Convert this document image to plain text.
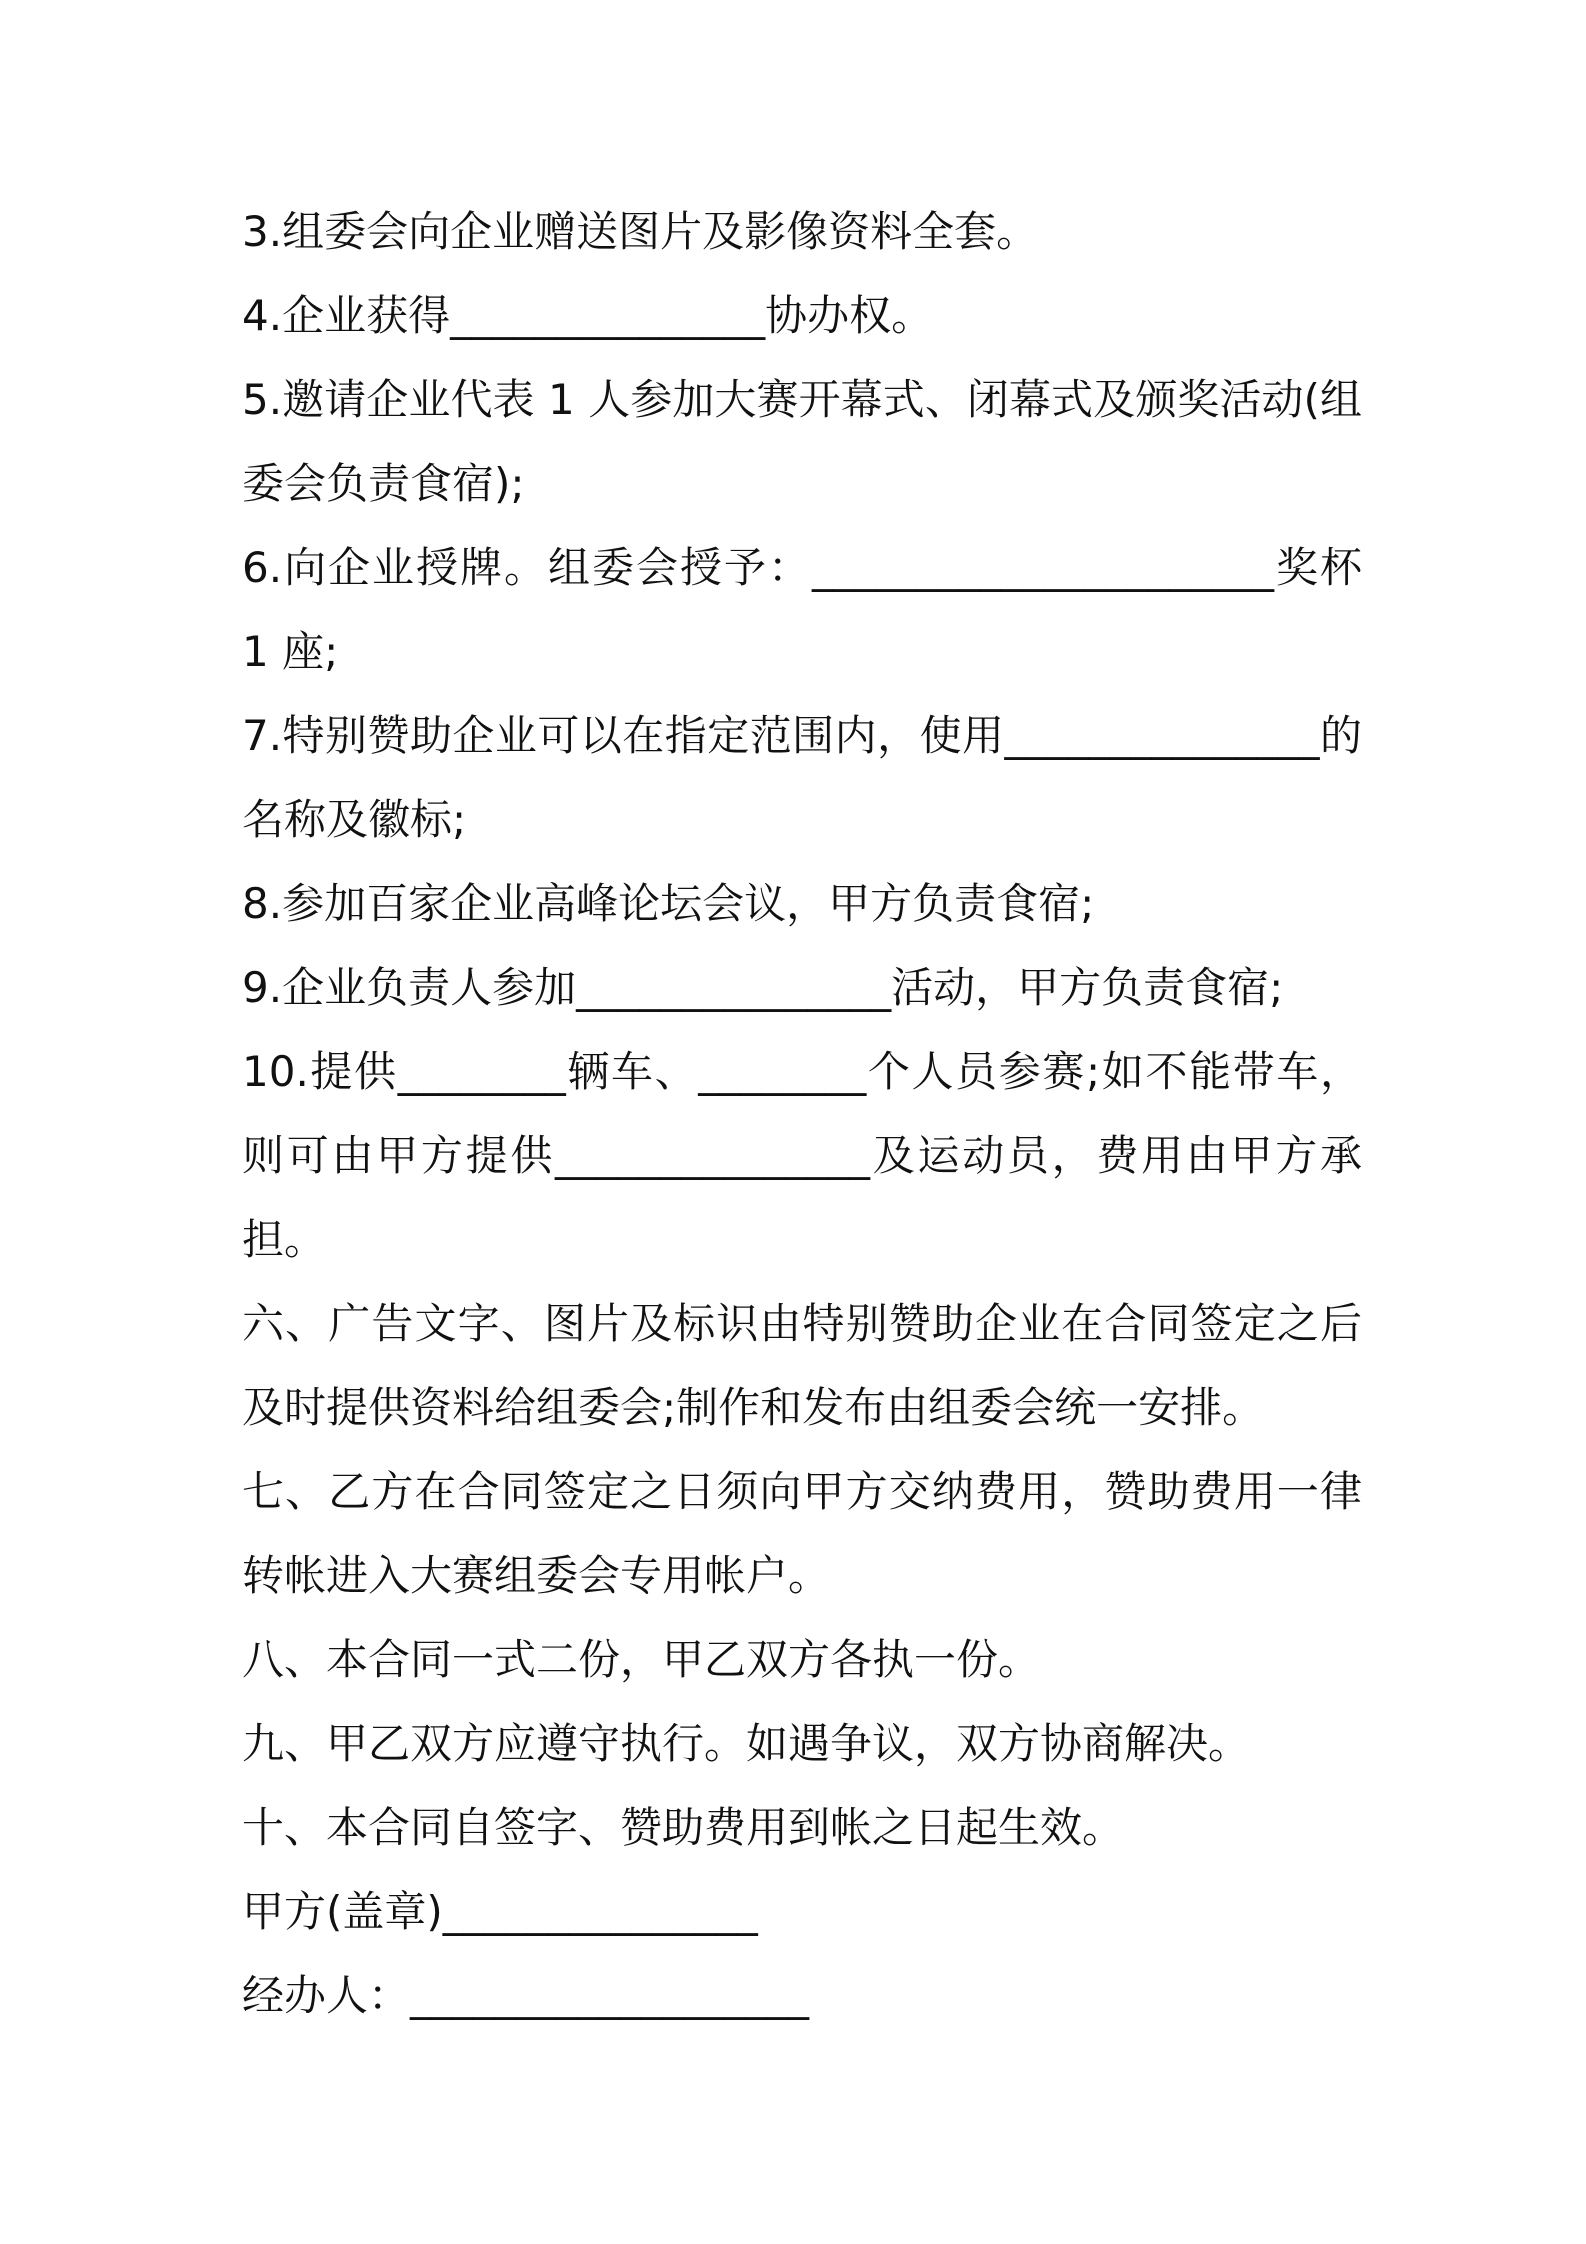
3.组委会向企业赠送图片及影像资料全套。

4.企业获得_______________协办权。

5.邀请企业代表 1 人参加大赛开幕式、闭幕式及颁奖活动(组委会负责食宿);

6.向企业授牌。组委会授予：______________________奖杯 1 座;

7.特别赞助企业可以在指定范围内，使用_______________的名称及徽标;

8.参加百家企业高峰论坛会议，甲方负责食宿;

9.企业负责人参加_______________活动，甲方负责食宿;

10.提供________辆车、________个人员参赛;如不能带车，则可由甲方提供_______________及运动员，费用由甲方承担。

六、广告文字、图片及标识由特别赞助企业在合同签定之后及时提供资料给组委会;制作和发布由组委会统一安排。

七、乙方在合同签定之日须向甲方交纳费用，赞助费用一律转帐进入大赛组委会专用帐户。

八、本合同一式二份，甲乙双方各执一份。

九、甲乙双方应遵守执行。如遇争议，双方协商解决。

十、本合同自签字、赞助费用到帐之日起生效。

甲方(盖章)_______________

经办人：___________________
